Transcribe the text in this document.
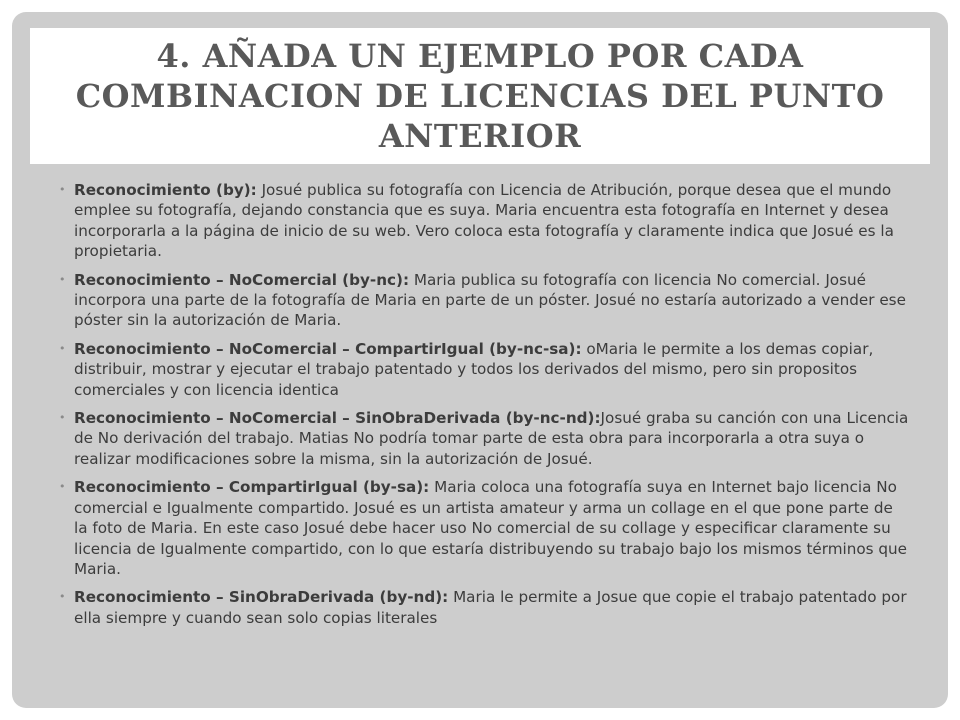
4. AÑADA UN EJEMPLO POR CADA COMBINACION DE LICENCIAS DEL PUNTO ANTERIOR
• Reconocimiento (by): Josué publica su fotografía con Licencia de Atribución, porque desea que el mundo emplee su fotografía, dejando constancia que es suya. Maria encuentra esta fotografía en Internet y desea incorporarla a la página de inicio de su web. Vero coloca esta fotografía y claramente indica que Josué es la propietaria.
• Reconocimiento – NoComercial (by-nc): Maria publica su fotografía con licencia No comercial. Josué incorpora una parte de la fotografía de Maria en parte de un póster. Josué no estaría autorizado a vender ese póster sin la autorización de Maria.
• Reconocimiento – NoComercial – CompartirIgual (by-nc-sa): oMaria le permite a los demas copiar, distribuir, mostrar y ejecutar el trabajo patentado y todos los derivados del mismo, pero sin propositos comerciales y con licencia identica
• Reconocimiento – NoComercial – SinObraDerivada (by-nc-nd):Josué graba su canción con una Licencia de No derivación del trabajo. Matias No podría tomar parte de esta obra para incorporarla a otra suya o realizar modificaciones sobre la misma, sin la autorización de Josué.
• Reconocimiento – CompartirIgual (by-sa): Maria coloca una fotografía suya en Internet bajo licencia No comercial e Igualmente compartido. Josué es un artista amateur y arma un collage en el que pone parte de la foto de Maria. En este caso Josué debe hacer uso No comercial de su collage y especificar claramente su licencia de Igualmente compartido, con lo que estaría distribuyendo su trabajo bajo los mismos términos que Maria.
• Reconocimiento – SinObraDerivada (by-nd): Maria le permite a Josue que copie el trabajo patentado por ella siempre y cuando sean solo copias literales
